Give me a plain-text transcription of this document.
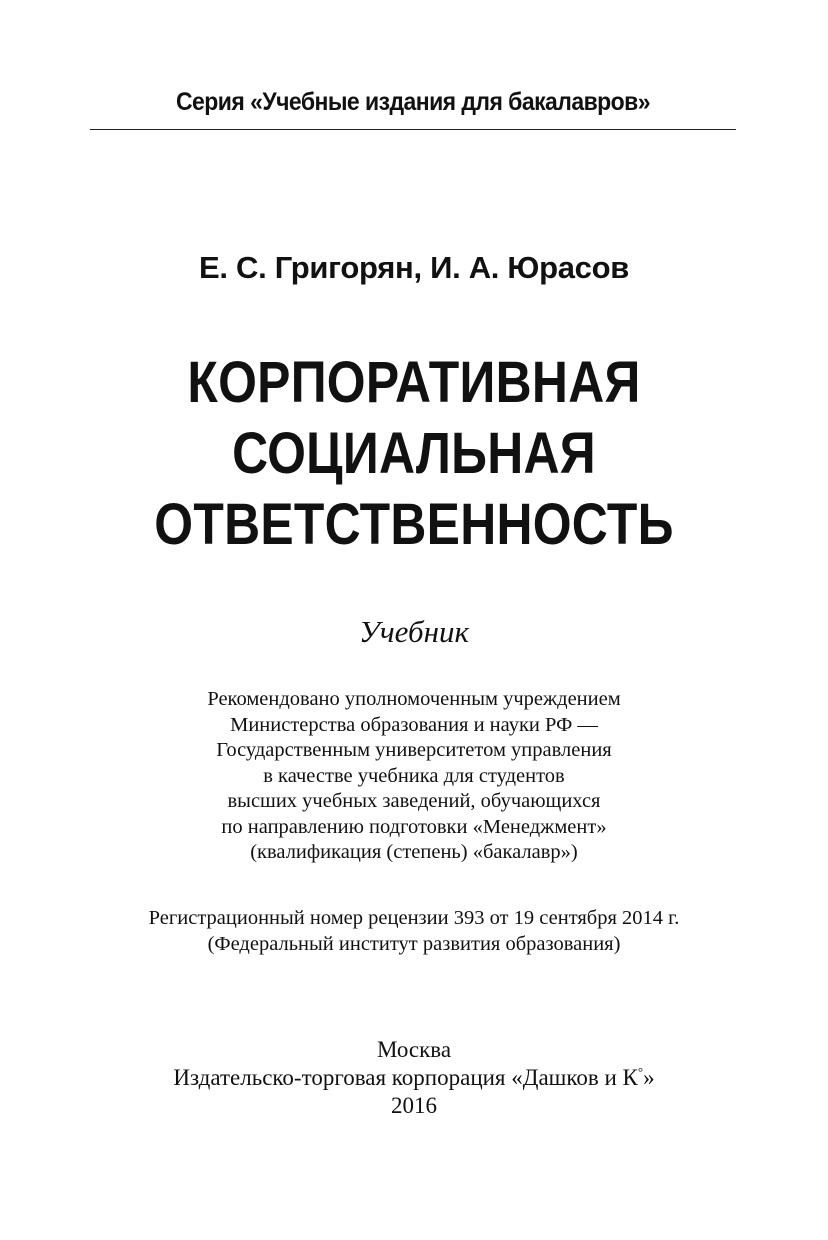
Серия «Учебные издания для бакалавров»
Е. С. Григорян, И. А. Юрасов
КОРПОРАТИВНАЯ
СОЦИАЛЬНАЯ
ОТВЕТСТВЕННОСТЬ
Учебник
Рекомендовано уполномоченным учреждением
Министерства образования и науки РФ —
Государственным университетом управления
в качестве учебника для студентов
высших учебных заведений, обучающихся
по направлению подготовки «Менеджмент»
(квалификация (степень) «бакалавр»)
Регистрационный номер рецензии 393 от 19 сентября 2014 г.
(Федеральный институт развития образования)
Москва
Издательско-торговая корпорация «Дашков и К°»
2016
